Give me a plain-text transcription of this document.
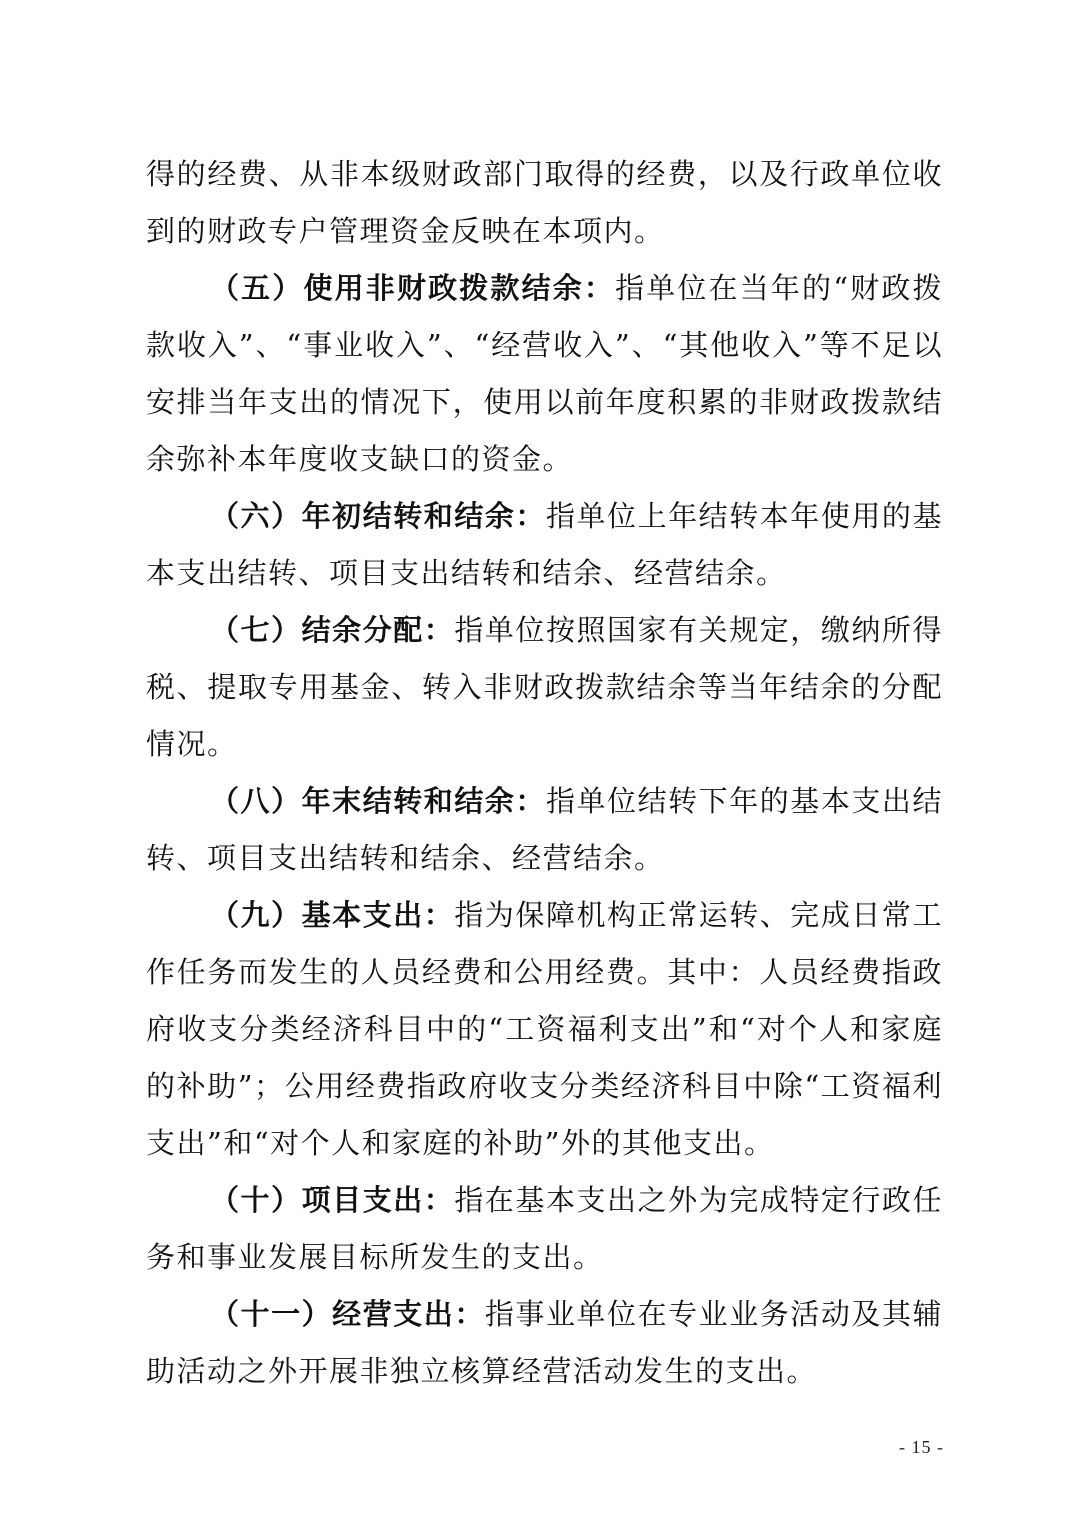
得的经费、从非本级财政部门取得的经费，以及行政单位收到的财政专户管理资金反映在本项内。

（五）使用非财政拨款结余：指单位在当年的“财政拨款收入”、“事业收入”、“经营收入”、“其他收入”等不足以安排当年支出的情况下，使用以前年度积累的非财政拨款结余弥补本年度收支缺口的资金。

（六）年初结转和结余：指单位上年结转本年使用的基本支出结转、项目支出结转和结余、经营结余。

（七）结余分配：指单位按照国家有关规定，缴纳所得税、提取专用基金、转入非财政拨款结余等当年结余的分配情况。

（八）年末结转和结余：指单位结转下年的基本支出结转、项目支出结转和结余、经营结余。

（九）基本支出：指为保障机构正常运转、完成日常工作任务而发生的人员经费和公用经费。其中：人员经费指政府收支分类经济科目中的“工资福利支出”和“对个人和家庭的补助”；公用经费指政府收支分类经济科目中除“工资福利支出”和“对个人和家庭的补助”外的其他支出。

（十）项目支出：指在基本支出之外为完成特定行政任务和事业发展目标所发生的支出。

（十一）经营支出：指事业单位在专业业务活动及其辅助活动之外开展非独立核算经营活动发生的支出。

- 15 -
